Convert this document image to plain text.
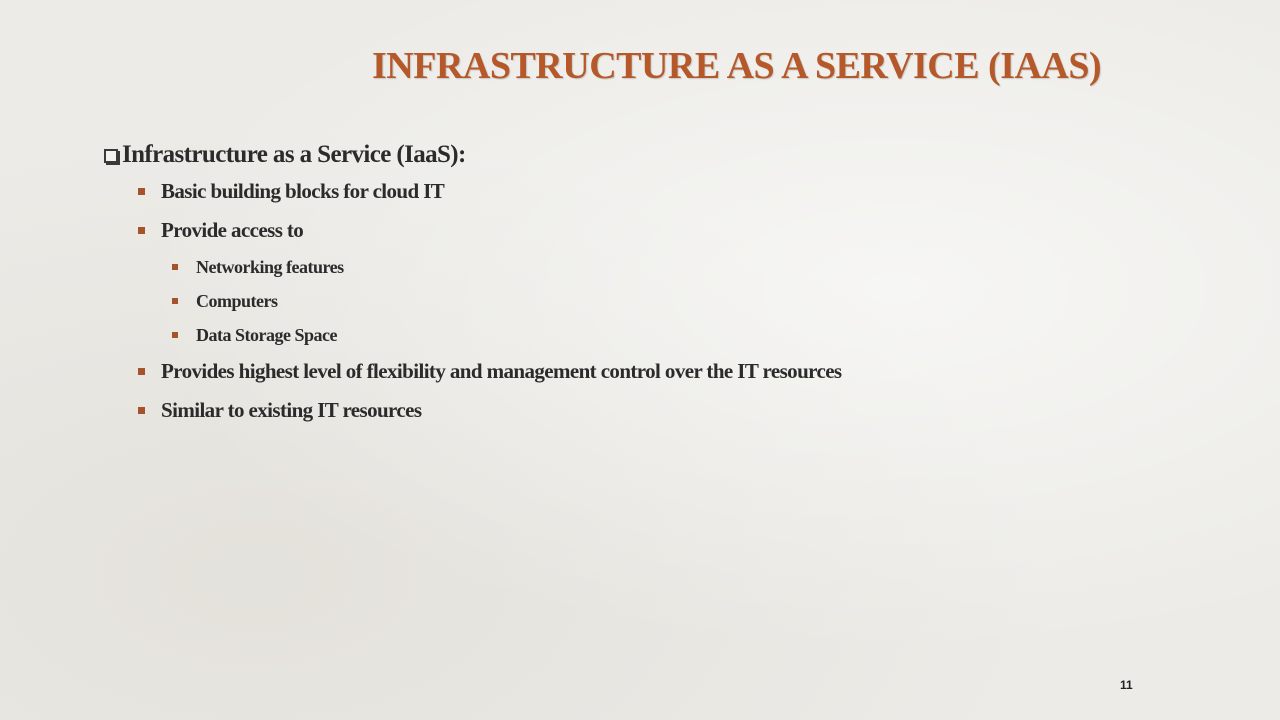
INFRASTRUCTURE AS A SERVICE (IAAS)
Infrastructure as a Service (IaaS):
Basic building blocks for cloud IT
Provide access to
Networking features
Computers
Data Storage Space
Provides highest level of flexibility and management control over the IT resources
Similar to existing IT resources
11
